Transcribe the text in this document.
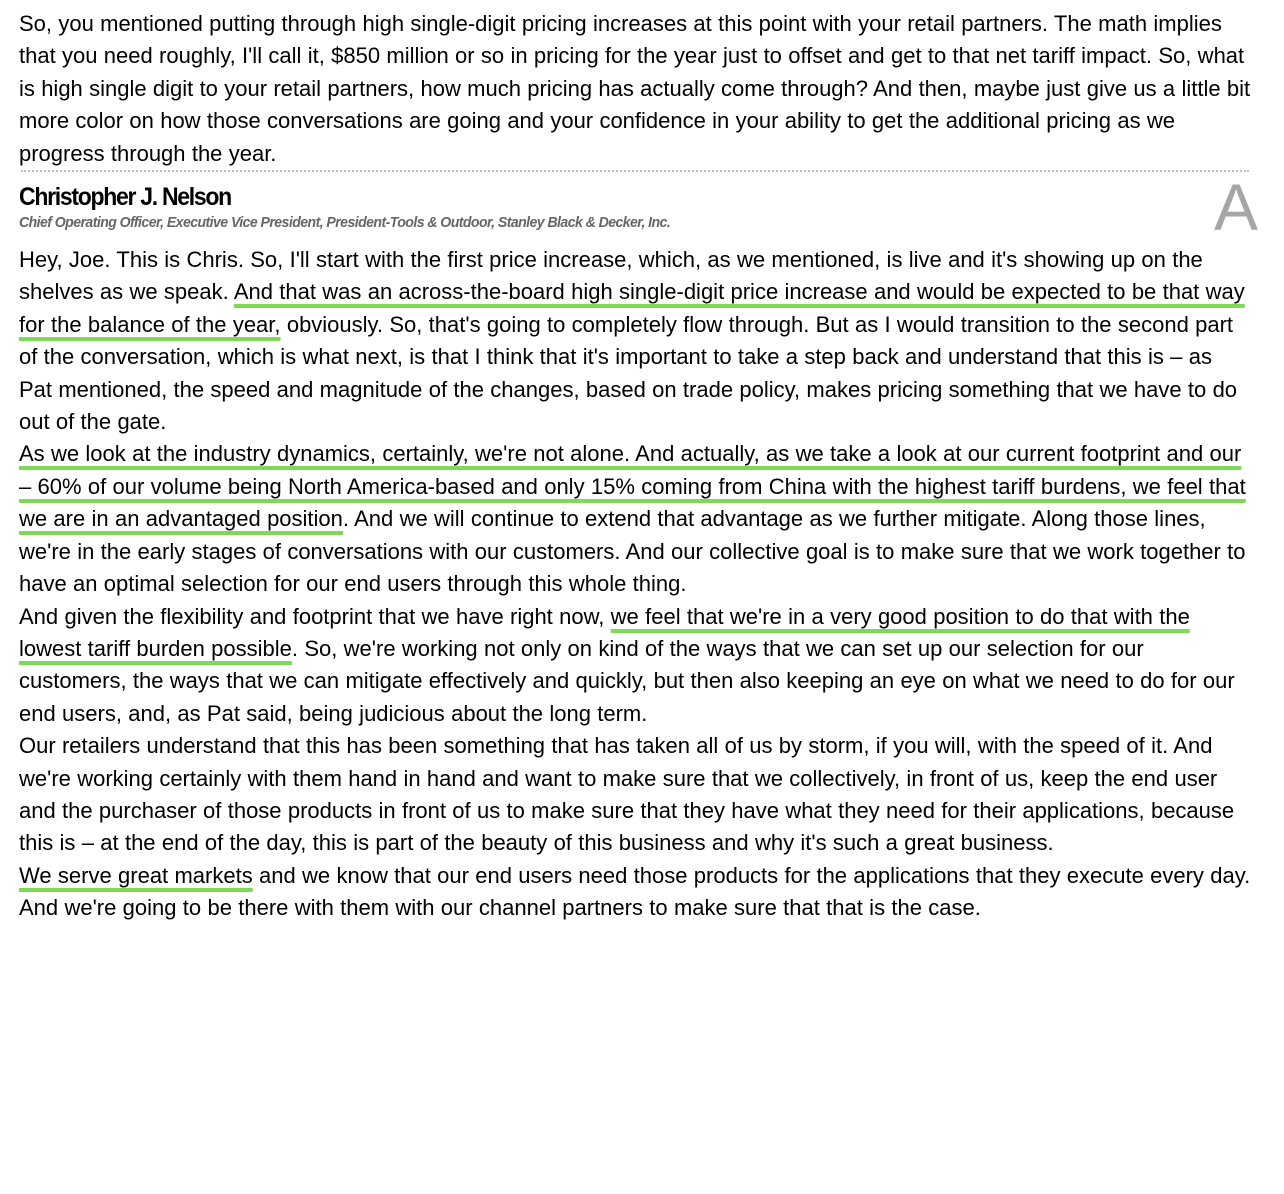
So, you mentioned putting through high single-digit pricing increases at this point with your retail partners. The math implies that you need roughly, I'll call it, $850 million or so in pricing for the year just to offset and get to that net tariff impact. So, what is high single digit to your retail partners, how much pricing has actually come through? And then, maybe just give us a little bit more color on how those conversations are going and your confidence in your ability to get the additional pricing as we progress through the year.

Christopher J. Nelson
Chief Operating Officer, Executive Vice President, President-Tools & Outdoor, Stanley Black & Decker, Inc.	A

Hey, Joe. This is Chris. So, I'll start with the first price increase, which, as we mentioned, is live and it's showing up on the shelves as we speak. And that was an across-the-board high single-digit price increase and would be expected to be that way for the balance of the year, obviously. So, that's going to completely flow through. But as I would transition to the second part of the conversation, which is what next, is that I think that it's important to take a step back and understand that this is – as Pat mentioned, the speed and magnitude of the changes, based on trade policy, makes pricing something that we have to do out of the gate.

As we look at the industry dynamics, certainly, we're not alone. And actually, as we take a look at our current footprint and our – 60% of our volume being North America-based and only 15% coming from China with the highest tariff burdens, we feel that we are in an advantaged position. And we will continue to extend that advantage as we further mitigate. Along those lines, we're in the early stages of conversations with our customers. And our collective goal is to make sure that we work together to have an optimal selection for our end users through this whole thing.

And given the flexibility and footprint that we have right now, we feel that we're in a very good position to do that with the lowest tariff burden possible. So, we're working not only on kind of the ways that we can set up our selection for our customers, the ways that we can mitigate effectively and quickly, but then also keeping an eye on what we need to do for our end users, and, as Pat said, being judicious about the long term.

Our retailers understand that this has been something that has taken all of us by storm, if you will, with the speed of it. And we're working certainly with them hand in hand and want to make sure that we collectively, in front of us, keep the end user and the purchaser of those products in front of us to make sure that they have what they need for their applications, because this is – at the end of the day, this is part of the beauty of this business and why it's such a great business.

We serve great markets and we know that our end users need those products for the applications that they execute every day. And we're going to be there with them with our channel partners to make sure that that is the case.
